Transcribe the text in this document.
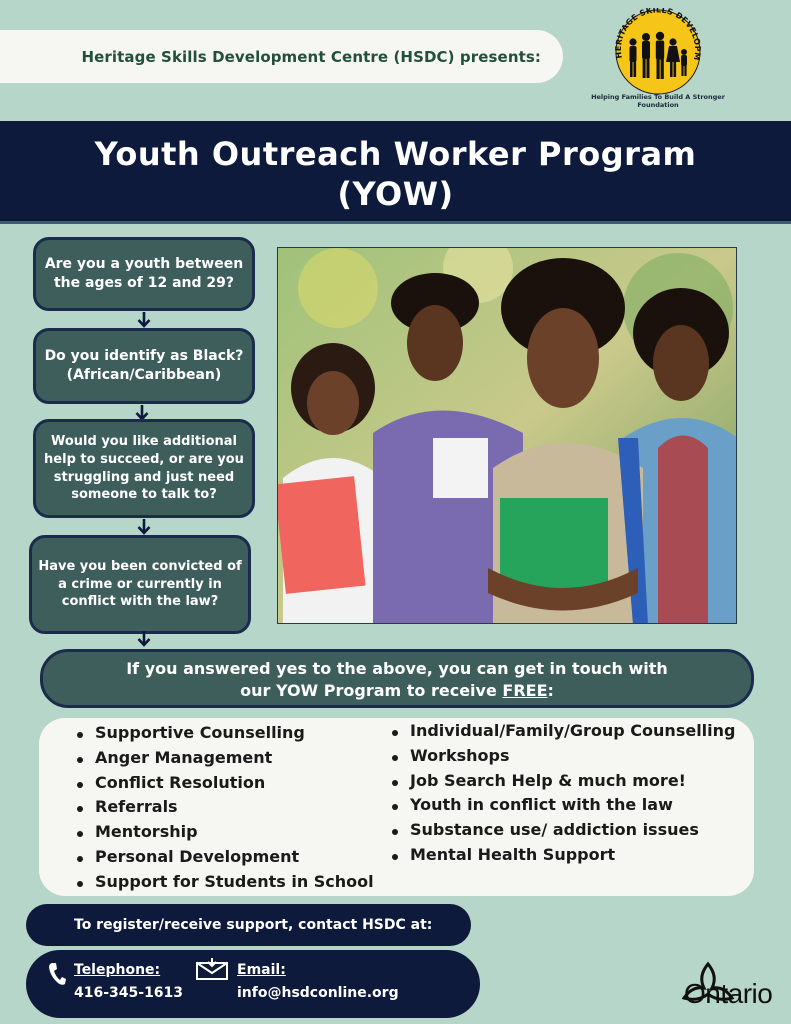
Heritage Skills Development Centre (HSDC) presents:	HERITAGE SKILLS DEVELOPM
Helping Families To Build A Stronger Foundation
Youth Outreach Worker Program
(YOW)
Are you a youth between the ages of 12 and 29?
Do you identify as Black? (African/Caribbean)
Would you like additional help to succeed, or are you struggling and just need someone to talk to?
Have you been convicted of a crime or currently in conflict with the law?
If you answered yes to the above, you can get in touch with
our YOW Program to receive FREE:
Supportive Counselling
Anger Management
Conflict Resolution
Referrals
Mentorship
Personal Development
Support for Students in School
Individual/Family/Group Counselling
Workshops
Job Search Help & much more!
Youth in conflict with the law
Substance use/ addiction issues
Mental Health Support
To register/receive support, contact HSDC at:
Telephone:
416-345-1613
Email:
info@hsdconline.org	Ontario
